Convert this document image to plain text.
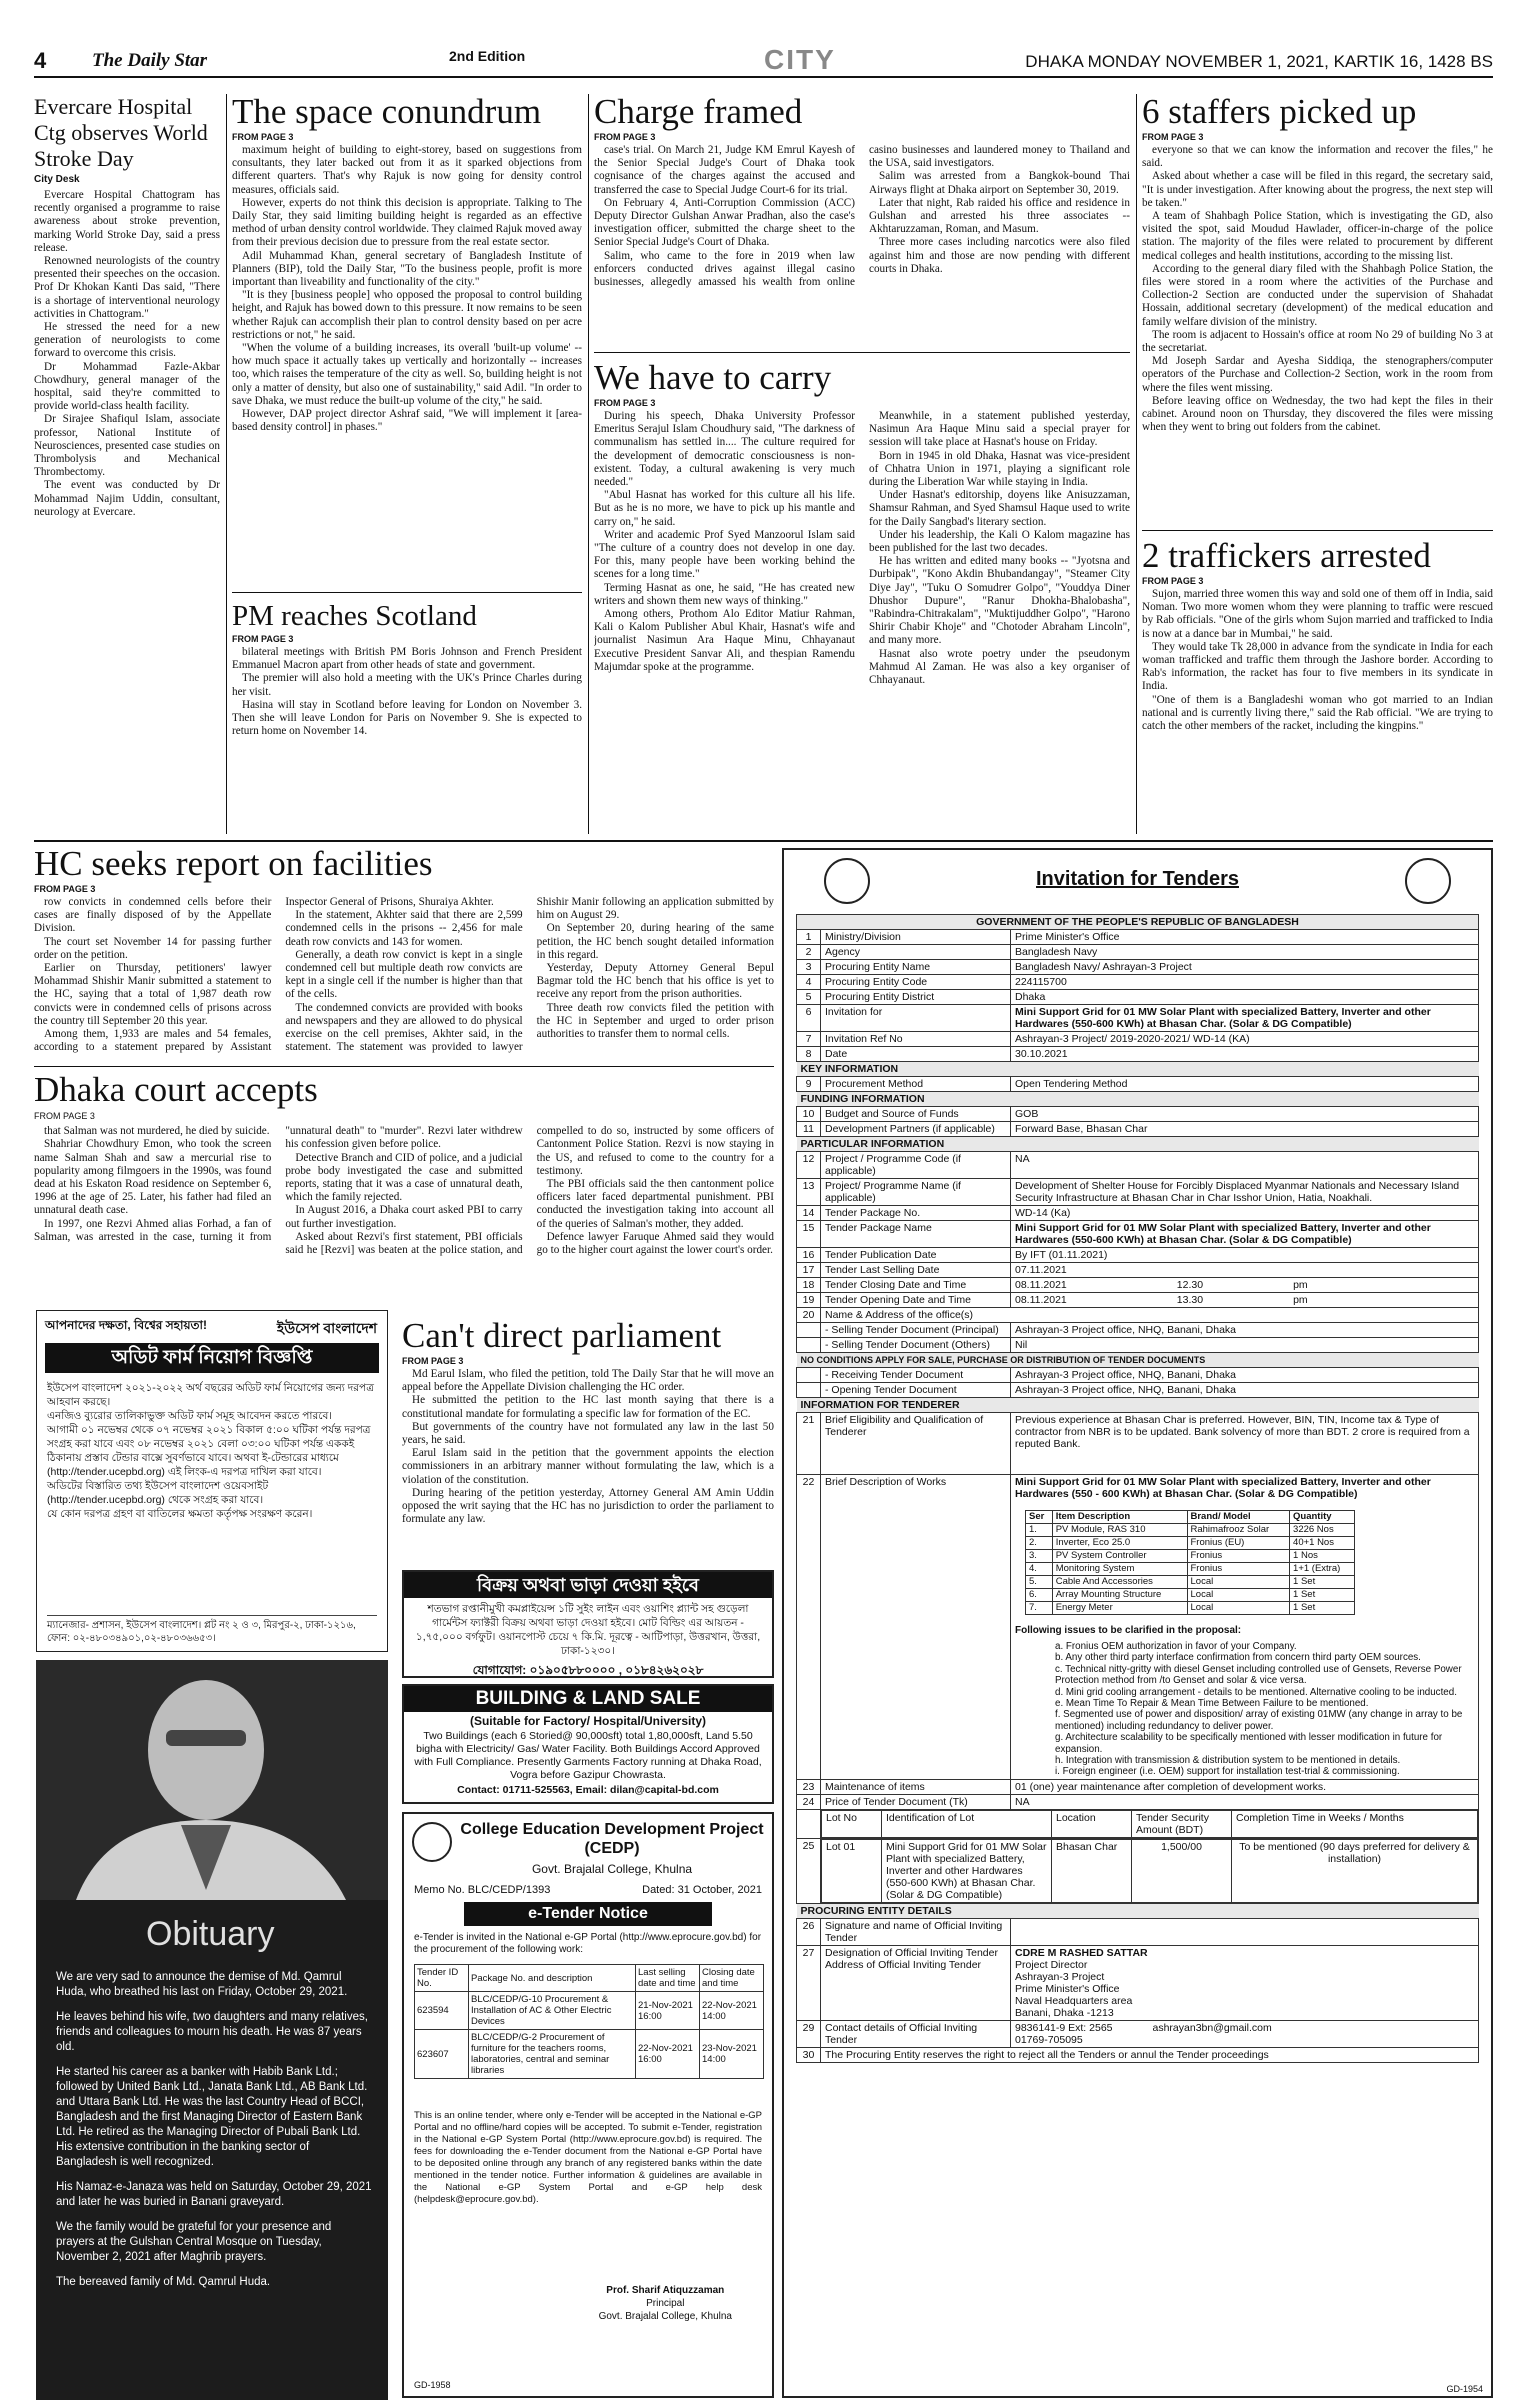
4 The Daily Star	2nd Edition	CITY	DHAKA MONDAY NOVEMBER 1, 2021, KARTIK 16, 1428 BS
Evercare Hospital Ctg observes World Stroke Day
City Desk

Evercare Hospital Chattogram has recently organised a programme to raise awareness about stroke prevention, marking World Stroke Day, said a press release.

Renowned neurologists of the country presented their speeches on the occasion. Prof Dr Khokan Kanti Das said, "There is a shortage of interventional neurology activities in Chattogram."

He stressed the need for a new generation of neurologists to come forward to overcome this crisis.

Dr Mohammad Fazle-Akbar Chowdhury, general manager of the hospital, said they're committed to provide world-class health facility.

Dr Sirajee Shafiqul Islam, associate professor, National Institute of Neurosciences, presented case studies on Thrombolysis and Mechanical Thrombectomy.

The event was conducted by Dr Mohammad Najim Uddin, consultant, neurology at Evercare.

The space conundrum
FROM PAGE 3

maximum height of building to eight-storey, based on suggestions from consultants, they later backed out from it as it sparked objections from different quarters. That's why Rajuk is now going for density control measures, officials said.

However, experts do not think this decision is appropriate. Talking to The Daily Star, they said limiting building height is regarded as an effective method of urban density control worldwide. They claimed Rajuk moved away from their previous decision due to pressure from the real estate sector.

Adil Muhammad Khan, general secretary of Bangladesh Institute of Planners (BIP), told the Daily Star, "To the business people, profit is more important than liveability and functionality of the city."

"It is they [business people] who opposed the proposal to control building height, and Rajuk has bowed down to this pressure. It now remains to be seen whether Rajuk can accomplish their plan to control density based on per acre restrictions or not," he said.

"When the volume of a building increases, its overall 'built-up volume' -- how much space it actually takes up vertically and horizontally -- increases too, which raises the temperature of the city as well. So, building height is not only a matter of density, but also one of sustainability," said Adil. "In order to save Dhaka, we must reduce the built-up volume of the city," he said.

However, DAP project director Ashraf said, "We will implement it [area-based density control] in phases."

PM reaches Scotland
FROM PAGE 3

bilateral meetings with British PM Boris Johnson and French President Emmanuel Macron apart from other heads of state and government.

The premier will also hold a meeting with the UK's Prince Charles during her visit.

Hasina will stay in Scotland before leaving for London on November 3. Then she will leave London for Paris on November 9. She is expected to return home on November 14.

Charge framed
FROM PAGE 3

case's trial. On March 21, Judge KM Emrul Kayesh of the Senior Special Judge's Court of Dhaka took cognisance of the charges against the accused and transferred the case to Special Judge Court-6 for its trial.

On February 4, Anti-Corruption Commission (ACC) Deputy Director Gulshan Anwar Pradhan, also the case's investigation officer, submitted the charge sheet to the Senior Special Judge's Court of Dhaka.

Salim, who came to the fore in 2019 when law enforcers conducted drives against illegal casino businesses, allegedly amassed his wealth from online casino businesses and laundered money to Thailand and the USA, said investigators.

Salim was arrested from a Bangkok-bound Thai Airways flight at Dhaka airport on September 30, 2019.

Later that night, Rab raided his office and residence in Gulshan and arrested his three associates -- Akhtaruzzaman, Roman, and Masum.

Three more cases including narcotics were also filed against him and those are now pending with different courts in Dhaka.

We have to carry
FROM PAGE 3

During his speech, Dhaka University Professor Emeritus Serajul Islam Choudhury said, "The darkness of communalism has settled in.... The culture required for the development of democratic consciousness is non-existent. Today, a cultural awakening is very much needed."

"Abul Hasnat has worked for this culture all his life. But as he is no more, we have to pick up his mantle and carry on," he said.

Writer and academic Prof Syed Manzoorul Islam said "The culture of a country does not develop in one day. For this, many people have been working behind the scenes for a long time."

Terming Hasnat as one, he said, "He has created new writers and shown them new ways of thinking."

Among others, Prothom Alo Editor Matiur Rahman, Kali o Kalom Publisher Abul Khair, Hasnat's wife and journalist Nasimun Ara Haque Minu, Chhayanaut Executive President Sanvar Ali, and thespian Ramendu Majumdar spoke at the programme.

Meanwhile, in a statement published yesterday, Nasimun Ara Haque Minu said a special prayer for session will take place at Hasnat's house on Friday.

Born in 1945 in old Dhaka, Hasnat was vice-president of Chhatra Union in 1971, playing a significant role during the Liberation War while staying in India.

Under Hasnat's editorship, doyens like Anisuzzaman, Shamsur Rahman, and Syed Shamsul Haque used to write for the Daily Sangbad's literary section.

Under his leadership, the Kali O Kalom magazine has been published for the last two decades.

He has written and edited many books -- "Jyotsna and Durbipak", "Kono Akdin Bhubandangay", "Steamer City Diye Jay", "Tuku O Somudrer Golpo", "Youddya Diner Dhushor Dupure", "Ranur Dhokha-Bhalobasha", "Rabindra-Chitrakalam", "Muktijuddher Golpo", "Harono Shirir Chabir Khoje" and "Chotoder Abraham Lincoln", and many more.

Hasnat also wrote poetry under the pseudonym Mahmud Al Zaman. He was also a key organiser of Chhayanaut.

6 staffers picked up
FROM PAGE 3

everyone so that we can know the information and recover the files," he said.

Asked about whether a case will be filed in this regard, the secretary said, "It is under investigation. After knowing about the progress, the next step will be taken."

A team of Shahbagh Police Station, which is investigating the GD, also visited the spot, said Moudud Hawlader, officer-in-charge of the police station. The majority of the files were related to procurement by different medical colleges and health institutions, according to the missing list.

According to the general diary filed with the Shahbagh Police Station, the files were stored in a room where the activities of the Purchase and Collection-2 Section are conducted under the supervision of Shahadat Hossain, additional secretary (development) of the medical education and family welfare division of the ministry.

The room is adjacent to Hossain's office at room No 29 of building No 3 at the secretariat.

Md Joseph Sardar and Ayesha Siddiqa, the stenographers/computer operators of the Purchase and Collection-2 Section, work in the room from where the files went missing.

Before leaving office on Wednesday, the two had kept the files in their cabinet. Around noon on Thursday, they discovered the files were missing when they went to bring out folders from the cabinet.

2 traffickers arrested
FROM PAGE 3

Sujon, married three women this way and sold one of them off in India, said Noman. Two more women whom they were planning to traffic were rescued by Rab officials. "One of the girls whom Sujon married and trafficked to India is now at a dance bar in Mumbai," he said.

They would take Tk 28,000 in advance from the syndicate in India for each woman trafficked and traffic them through the Jashore border. According to Rab's information, the racket has four to five members in its syndicate in India.

"One of them is a Bangladeshi woman who got married to an Indian national and is currently living there," said the Rab official. "We are trying to catch the other members of the racket, including the kingpins."

HC seeks report on facilities
FROM PAGE 3

row convicts in condemned cells before their cases are finally disposed of by the Appellate Division.

The court set November 14 for passing further order on the petition.

Earlier on Thursday, petitioners' lawyer Mohammad Shishir Manir submitted a statement to the HC, saying that a total of 1,987 death row convicts were in condemned cells of prisons across the country till September 20 this year.

Among them, 1,933 are males and 54 females, according to a statement prepared by Assistant Inspector General of Prisons, Shuraiya Akhter.

In the statement, Akhter said that there are 2,599 condemned cells in the prisons -- 2,456 for male death row convicts and 143 for women.

Generally, a death row convict is kept in a single condemned cell but multiple death row convicts are kept in a single cell if the number is higher than that of the cells.

The condemned convicts are provided with books and newspapers and they are allowed to do physical exercise on the cell premises, Akhter said, in the statement. The statement was provided to lawyer Shishir Manir following an application submitted by him on August 29.

On September 20, during hearing of the same petition, the HC bench sought detailed information in this regard.

Yesterday, Deputy Attorney General Bepul Bagmar told the HC bench that his office is yet to receive any report from the prison authorities.

Three death row convicts filed the petition with the HC in September and urged to order prison authorities to transfer them to normal cells.

Dhaka court accepts
FROM PAGE 3

that Salman was not murdered, he died by suicide.

Shahriar Chowdhury Emon, who took the screen name Salman Shah and saw a mercurial rise to popularity among filmgoers in the 1990s, was found dead at his Eskaton Road residence on September 6, 1996 at the age of 25. Later, his father had filed an unnatural death case.

In 1997, one Rezvi Ahmed alias Forhad, a fan of Salman, was arrested in the case, turning it from "unnatural death" to "murder". Rezvi later withdrew his confession given before police.

Detective Branch and CID of police, and a judicial probe body investigated the case and submitted reports, stating that it was a case of unnatural death, which the family rejected.

In August 2016, a Dhaka court asked PBI to carry out further investigation.

Asked about Rezvi's first statement, PBI officials said he [Rezvi] was beaten at the police station, and compelled to do so, instructed by some officers of Cantonment Police Station. Rezvi is now staying in the US, and refused to come to the country for a testimony.

The PBI officials said the then cantonment police officers later faced departmental punishment. PBI conducted the investigation taking into account all of the queries of Salman's mother, they added.

Defence lawyer Faruque Ahmed said they would go to the higher court against the lower court's order.

আপনাদের দক্ষতা, বিশ্বের সহায়তা!	ইউসেপ বাংলাদেশ
অডিট ফার্ম নিয়োগ বিজ্ঞপ্তি

ইউসেপ বাংলাদেশ ২০২১-২০২২ অর্থ বছরের অডিট ফার্ম নিয়োগের জন্য দরপত্র আহবান করছে।

এনজিও ব্যুরোর তালিকাভুক্ত অডিট ফার্ম সমূহ আবেদন করতে পারবে।

আগামী ০১ নভেম্বর থেকে ০৭ নভেম্বর ২০২১ বিকাল ৫:০০ ঘটিকা পর্যন্ত দরপত্র সংগ্রহ করা যাবে এবং ০৮ নভেম্বর ২০২১ বেলা ০৩:০০ ঘটিকা পর্যন্ত এককই ঠিকানায় প্রস্তাব টেন্ডার বাক্সে সুবর্ণভাবে যাবে। অথবা ই-টেন্ডারের মাধ্যমে (http://tender.ucepbd.org) এই লিংক-এ দরপত্র দাখিল করা যাবে।

অডিটের বিস্তারিত তথ্য ইউসেপ বাংলাদেশ ওয়েবসাইট (http://tender.ucepbd.org) থেকে সংগ্রহ করা যাবে।

যে কোন দরপত্র গ্রহণ বা বাতিলের ক্ষমতা কর্তৃপক্ষ সংরক্ষণ করেন।

ম্যানেজার- প্রশাসন, ইউসেপ বাংলাদেশ। প্লট নং ২ ও ৩, মিরপুর-২, ঢাকা-১২১৬, ফোন: ০২-৪৮০৩৪৯০১,০২-৪৮০৩৬৬৫৩।
Obituary

We are very sad to announce the demise of Md. Qamrul Huda, who breathed his last on Friday, October 29, 2021.

He leaves behind his wife, two daughters and many relatives, friends and colleagues to mourn his death. He was 87 years old.

He started his career as a banker with Habib Bank Ltd.; followed by United Bank Ltd., Janata Bank Ltd., AB Bank Ltd. and Uttara Bank Ltd. He was the last Country Head of BCCI, Bangladesh and the first Managing Director of Eastern Bank Ltd. He retired as the Managing Director of Pubali Bank Ltd. His extensive contribution in the banking sector of Bangladesh is well recognized.

His Namaz-e-Janaza was held on Saturday, October 29, 2021 and later he was buried in Banani graveyard.

We the family would be grateful for your presence and prayers at the Gulshan Central Mosque on Tuesday, November 2, 2021 after Maghrib prayers.

The bereaved family of Md. Qamrul Huda.

Can't direct parliament
FROM PAGE 3

Md Earul Islam, who filed the petition, told The Daily Star that he will move an appeal before the Appellate Division challenging the HC order.

He submitted the petition to the HC last month saying that there is a constitutional mandate for formulating a specific law for formation of the EC.

But governments of the country have not formulated any law in the last 50 years, he said.

Earul Islam said in the petition that the government appoints the election commissioners in an arbitrary manner without formulating the law, which is a violation of the constitution.

During hearing of the petition yesterday, Attorney General AM Amin Uddin opposed the writ saying that the HC has no jurisdiction to order the parliament to formulate any law.

বিক্রয় অথবা ভাড়া দেওয়া হইবে
শতভাগ রপ্তানীমুখী কমপ্লাইয়েন্স ১টি সুইং লাইন এবং ওয়াশিং প্ল্যান্ট সহ গুড়েলা গার্মেন্টস ফ্যাক্টরী বিক্রয় অথবা ভাড়া দেওয়া হইবে। মোট বিল্ডিং এর আয়তন - ১,৭৫,০০০ বর্গফুট। ওয়ানপোস্ট চেয়ে ৭ কি.মি. দূরত্বে - আটিপাড়া, উত্তরখান, উত্তরা, ঢাকা-১২৩০।
যোগাযোগ: ০১৯০৫৮৮০০০০ , ০১৮৪২৬২০২৮
BUILDING & LAND SALE
(Suitable for Factory/ Hospital/University)
Two Buildings (each 6 Storied@ 90,000sft) total 1,80,000sft, Land 5.50 bigha with Electricity/ Gas/ Water Facility. Both Buildings Accord Approved with Full Compliance. Presently Garments Factory running at Dhaka Road, Vogra before Gazipur Chowrasta.
Contact: 01711-525563, Email: dilan@capital-bd.com
College Education Development Project (CEDP)
Govt. Brajalal College, Khulna
Memo No. BLC/CEDP/1393	Dated: 31 October, 2021
e-Tender Notice
e-Tender is invited in the National e-GP Portal (http://www.eprocure.gov.bd) for the procurement of the following work:
Tender ID No.	Package No. and description	Last selling date and time	Closing date and time
623594	BLC/CEDP/G-10 Procurement & Installation of AC & Other Electric Devices	21-Nov-2021 16:00	22-Nov-2021 14:00
623607	BLC/CEDP/G-2 Procurement of furniture for the teachers rooms, laboratories, central and seminar libraries	22-Nov-2021 16:00	23-Nov-2021 14:00
This is an online tender, where only e-Tender will be accepted in the National e-GP Portal and no offline/hard copies will be accepted. To submit e-Tender, registration in the National e-GP System Portal (http://www.eprocure.gov.bd) is required. The fees for downloading the e-Tender document from the National e-GP Portal have to be deposited online through any branch of any registered banks within the date mentioned in the tender notice. Further information & guidelines are available in the National e-GP System Portal and e-GP help desk (helpdesk@eprocure.gov.bd).
Prof. Sharif Atiquzzaman
Principal
Govt. Brajalal College, Khulna
GD-1958
Invitation for Tenders
GOVERNMENT OF THE PEOPLE'S REPUBLIC OF BANGLADESH
1	Ministry/Division	Prime Minister's Office
2	Agency	Bangladesh Navy
3	Procuring Entity Name	Bangladesh Navy/ Ashrayan-3 Project
4	Procuring Entity Code	224115700
5	Procuring Entity District	Dhaka
6	Invitation for	Mini Support Grid for 01 MW Solar Plant with specialized Battery, Inverter and other Hardwares (550-600 KWh) at Bhasan Char. (Solar & DG Compatible)
7	Invitation Ref No	Ashrayan-3 Project/ 2019-2020-2021/ WD-14 (KA)
8	Date	30.10.2021
KEY INFORMATION
9	Procurement Method	Open Tendering Method
FUNDING INFORMATION
10	Budget and Source of Funds	GOB
11	Development Partners (if applicable)	Forward Base, Bhasan Char
PARTICULAR INFORMATION
12	Project / Programme Code (if applicable)	NA
13	Project/ Programme Name (if applicable)	Development of Shelter House for Forcibly Displaced Myanmar Nationals and Necessary Island Security Infrastructure at Bhasan Char in Char Isshor Union, Hatia, Noakhali.
14	Tender Package No.	WD-14 (Ka)
15	Tender Package Name	Mini Support Grid for 01 MW Solar Plant with specialized Battery, Inverter and other Hardwares (550-600 KWh) at Bhasan Char. (Solar & DG Compatible)
16	Tender Publication Date	By IFT (01.11.2021)
17	Tender Last Selling Date	07.11.2021
18	Tender Closing Date and Time	08.11.2021	12.30	pm
19	Tender Opening Date and Time	08.11.2021	13.30	pm
20	Name & Address of the office(s)
	- Selling Tender Document (Principal)	Ashrayan-3 Project office, NHQ, Banani, Dhaka
	- Selling Tender Document (Others)	Nil
NO CONDITIONS APPLY FOR SALE, PURCHASE OR DISTRIBUTION OF TENDER DOCUMENTS
	- Receiving Tender Document	Ashrayan-3 Project office, NHQ, Banani, Dhaka
	- Opening Tender Document	Ashrayan-3 Project office, NHQ, Banani, Dhaka
INFORMATION FOR TENDERER
21	Brief Eligibility and Qualification of Tenderer	Previous experience at Bhasan Char is preferred. However, BIN, TIN, Income tax & Type of contractor from NBR is to be updated. Bank solvency of more than BDT. 2 crore is required from a reputed Bank.
22	Brief Description of Works	Mini Support Grid for 01 MW Solar Plant with specialized Battery, Inverter and other Hardwares (550 - 600 KWh) at Bhasan Char. (Solar & DG Compatible)
Ser	Item Description	Brand/ Model	Quantity
1.	PV Module, RAS 310	Rahimafrooz Solar	3226 Nos
2.	Inverter, Eco 25.0	Fronius (EU)	40+1 Nos
3.	PV System Controller	Fronius	1 Nos
4.	Monitoring System	Fronius	1+1 (Extra)
5.	Cable And Accessories	Local	1 Set
6.	Array Mounting Structure	Local	1 Set
7.	Energy Meter	Local	1 Set
Following issues to be clarified in the proposal:

a. Fronius OEM authorization in favor of your Company.

b. Any other third party interface confirmation from concern third party OEM sources.

c. Technical nitty-gritty with diesel Genset including controlled use of Gensets, Reverse Power Protection method from /to Genset and solar & vice versa.

d. Mini grid cooling arrangement - details to be mentioned. Alternative cooling to be inducted.

e. Mean Time To Repair & Mean Time Between Failure to be mentioned.

f. Segmented use of power and disposition/ array of existing 01MW (any change in array to be mentioned) including redundancy to deliver power.

g. Architecture scalability to be specifically mentioned with lesser modification in future for expansion.

h. Integration with transmission & distribution system to be mentioned in details.

i. Foreign engineer (i.e. OEM) support for installation test-trial & commissioning.

23	Maintenance of items	01 (one) year maintenance after completion of development works.
24	Price of Tender Document (Tk)	NA

Lot No	Identification of Lot	Location	Tender Security Amount (BDT)	Completion Time in Weeks / Months

25	Lot 01	Mini Support Grid for 01 MW Solar Plant with specialized Battery, Inverter and other Hardwares (550-600 KWh) at Bhasan Char. (Solar & DG Compatible)	Bhasan Char	1,500/00	To be mentioned (90 days preferred for delivery & installation)

PROCURING ENTITY DETAILS
26	Signature and name of Official Inviting Tender	
27	Designation of Official Inviting Tender Address of Official Inviting Tender	
CDRE M RASHED SATTAR
Project Director
Ashrayan-3 Project
Prime Minister's Office
Naval Headquarters area
Banani, Dhaka -1213

29	Contact details of Official Inviting Tender	9836141-9 Ext: 2565	ashrayan3bn@gmail.com
01769-705095

30	The Procuring Entity reserves the right to reject all the Tenders or annul the Tender proceedings
GD-1954
